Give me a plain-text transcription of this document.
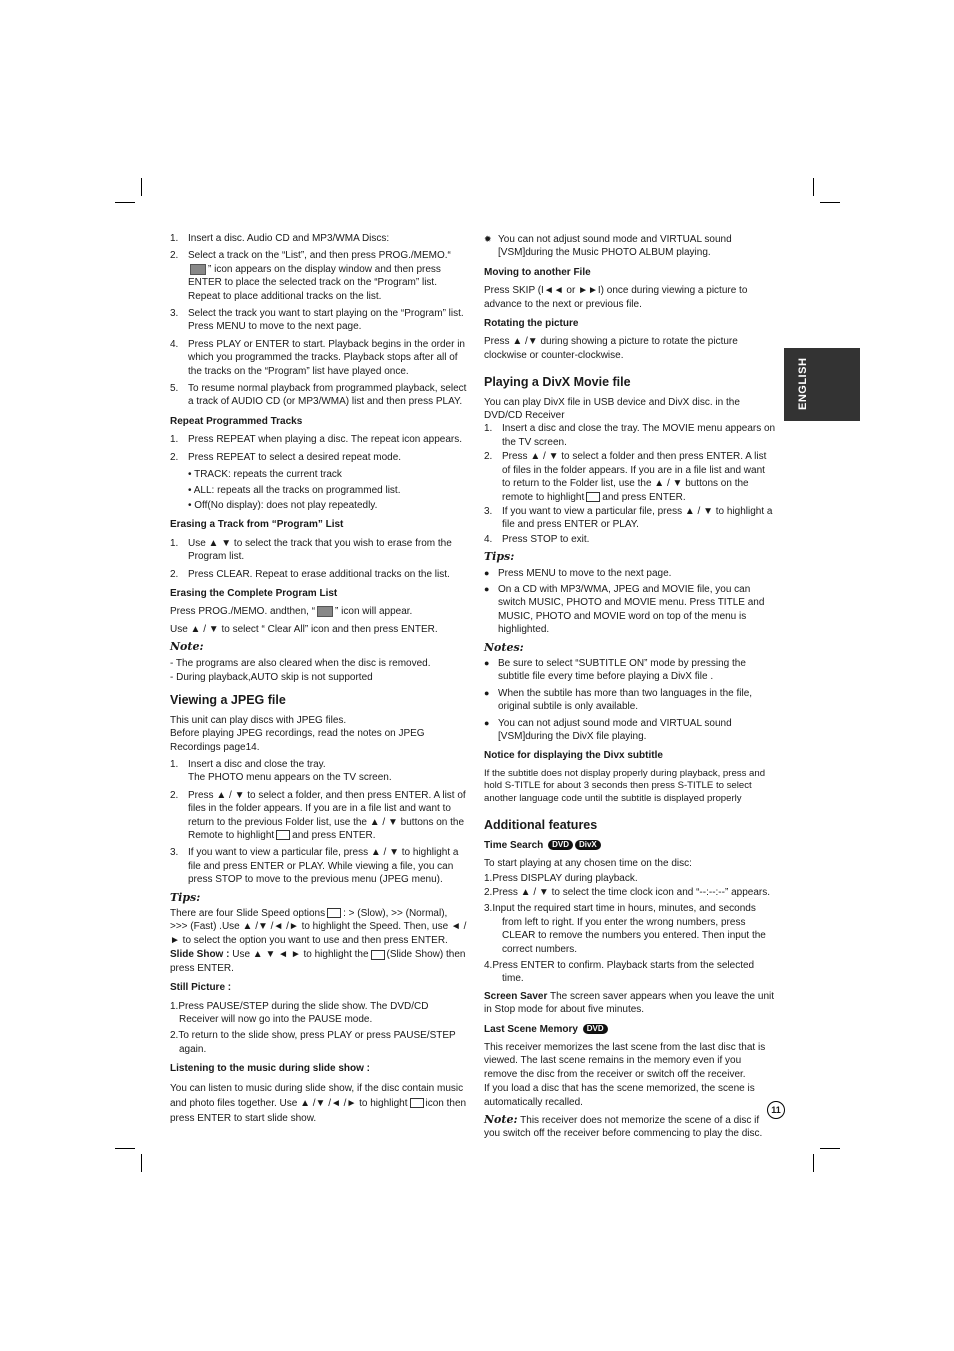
ENGLISH
1. Insert a disc. Audio CD and MP3/WMA Discs:
2. Select a track on the “List”, and then press PROG./MEMO.“” icon appears on the display window and then press ENTER to place the selected track on the “Program” list. Repeat to place additional tracks on the list.
3. Select the track you want to start playing on the “Program” list. Press MENU to move to the next page.
4. Press PLAY or ENTER to start. Playback begins in the order in which you programmed the tracks. Playback stops after all of the tracks on the “Program” list have played once.
5. To resume normal playback from programmed playback, select a track of AUDIO CD (or MP3/WMA) list and then press PLAY.
Repeat Programmed Tracks
1. Press REPEAT when playing a disc. The repeat icon appears.
2. Press REPEAT to select a desired repeat mode.
• TRACK: repeats the current track
• ALL: repeats all the tracks on programmed list.
• Off(No display): does not play repeatedly.
Erasing a Track from “Program” List
1. Use ▲ ▼ to select the track that you wish to erase from the Program list.
2. Press CLEAR. Repeat to erase additional tracks on the list.
Erasing the Complete Program List

Press PROG./MEMO. andthen, “ ” icon will appear.

Use ▲ / ▼ to select “ Clear All” icon and then press ENTER.

Note:

- The programs are also cleared when the disc is removed.

- During playback,AUTO skip is not supported

Viewing a JPEG file

This unit can play discs with JPEG files.

Before playing JPEG recordings, read the notes on JPEG Recordings page14.

1. Insert a disc and close the tray.
The PHOTO menu appears on the TV screen.
2. Press ▲ / ▼ to select a folder, and then press ENTER. A list of files in the folder appears. If you are in a file list and want to return to the previous Folder list, use the ▲ / ▼ buttons on the Remote to highlight and press ENTER.
3. If you want to view a particular file, press ▲ / ▼ to highlight a file and press ENTER or PLAY. While viewing a file, you can press STOP to move to the previous menu (JPEG menu).
Tips:

There are four Slide Speed options : > (Slow), >> (Normal), >>> (Fast) .Use ▲ /▼ /◄ /► to highlight the Speed. Then, use ◄ / ► to select the option you want to use and then press ENTER.

Slide Show : Use ▲ ▼ ◄ ► to highlight the (Slide Show) then press ENTER.

Still Picture :
1.Press PAUSE/STEP during the slide show. The DVD/CD Receiver will now go into the PAUSE mode.
2.To return to the slide show, press PLAY or press PAUSE/STEP again.
Listening to the music during slide show :

You can listen to music during slide show, if the disc contain music and photo files together. Use ▲ /▼ /◄ /► to highlight icon then press ENTER to start slide show.

✹ You can not adjust sound mode and VIRTUAL sound [VSM]during the Music PHOTO ALBUM playing.
Moving to another File

Press SKIP (I◄◄ or ►►I) once during viewing a picture to advance to the next or previous file.

Rotating the picture

Press ▲ /▼ during showing a picture to rotate the picture clockwise or counter-clockwise.

Playing a DivX Movie file

You can play DivX file in USB device and DivX disc. in the DVD/CD Receiver

1. Insert a disc and close the tray. The MOVIE menu appears on the TV screen.
2. Press ▲ / ▼ to select a folder and then press ENTER. A list of files in the folder appears. If you are in a file list and want to return to the Folder list, use the ▲ / ▼ buttons on the remote to highlight and press ENTER.
3. If you want to view a particular file, press ▲ / ▼ to highlight a file and press ENTER or PLAY.
4. Press STOP to exit.
Tips:
● Press MENU to move to the next page.
● On a CD with MP3/WMA, JPEG and MOVIE file, you can switch MUSIC, PHOTO and MOVIE menu. Press TITLE and MUSIC, PHOTO and MOVIE word on top of the menu is highlighted.
Notes:
● Be sure to select “SUBTITLE ON” mode by pressing the subtitle file every time before playing a DivX file .
● When the subtile has more than two languages in the file, original subtile is only available.
● You can not adjust sound mode and VIRTUAL sound [VSM]during the DivX file playing.
Notice for displaying the Divx subtitle

If the subtitle does not display properly during playback, press and hold S-TITLE for about 3 seconds then press S-TITLE to select another language code until the subtitle is displayed properly

Additional features
Time Search DVD DivX

To start playing at any chosen time on the disc:

1.Press DISPLAY during playback.

2.Press ▲ / ▼ to select the time clock icon and “--:--:--” appears.
3.Input the required start time in hours, minutes, and seconds from left to right. If you enter the wrong numbers, press CLEAR to remove the numbers you entered. Then input the correct numbers.
4.Press ENTER to confirm. Playback starts from the selected time.

Screen Saver The screen saver appears when you leave the unit in Stop mode for about five minutes.

Last Scene Memory DVD

This receiver memorizes the last scene from the last disc that is viewed. The last scene remains in the memory even if you remove the disc from the receiver or switch off the receiver.

If you load a disc that has the scene memorized, the scene is automatically recalled.

Note: This receiver does not memorize the scene of a disc if you switch off the receiver before commencing to play the disc.

11
